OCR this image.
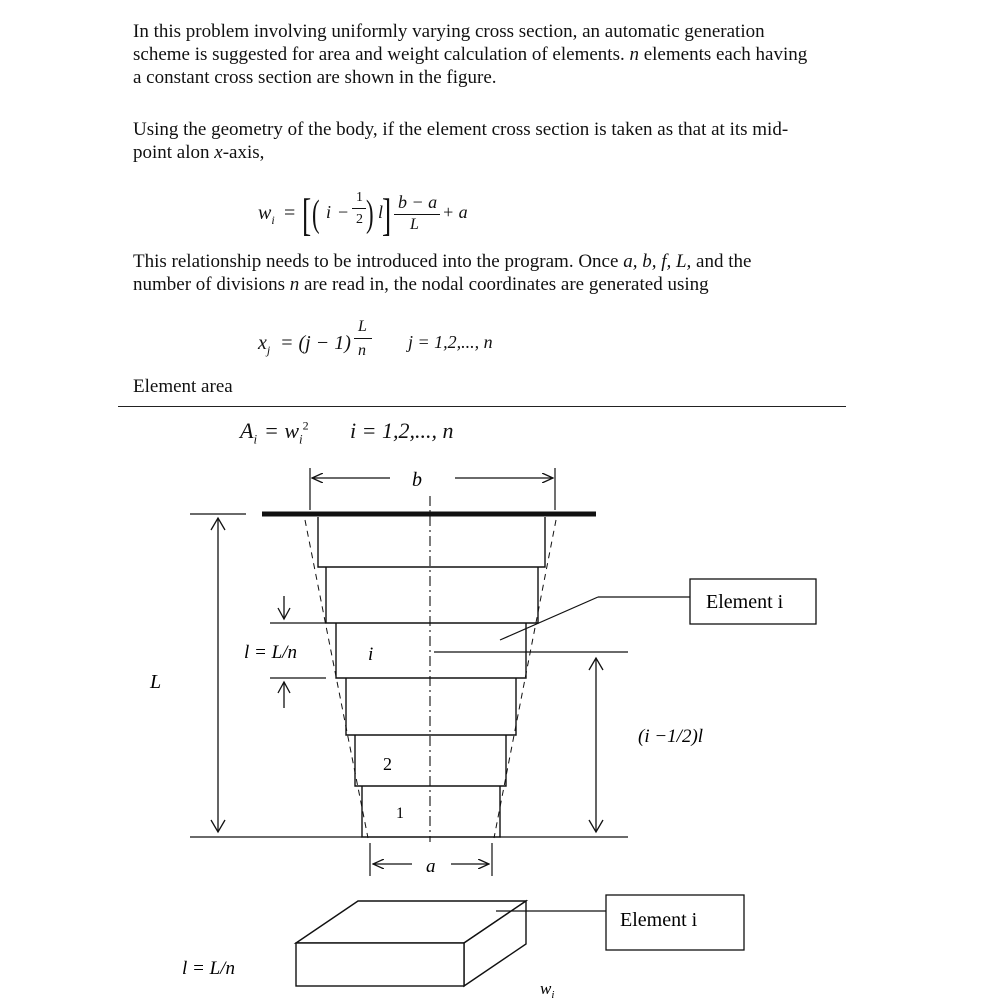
In this problem involving uniformly varying cross section, an automatic generation
scheme is suggested for area and weight calculation of elements. n elements each having
a constant cross section are shown in the figure.
Using the geometry of the body, if the element cross section is taken as that at its mid-
point alon x-axis,
$w_i$ = [ ( i −
1
2 ) l
] b − a
L
+ a
This relationship needs to be introduced into the program. Once a, b, f, L, and the
number of divisions n are read in, the nodal coordinates are generated using
$x_j = (j - 1)$
L
n j = 1,2,..., n
Element area
$A_i = w_i^2$ i = 1,2,..., n
b
L
l = L/n	i
2
1
(i −1/2)l
Element i
a
l = L/n
$w_i$
Element i
